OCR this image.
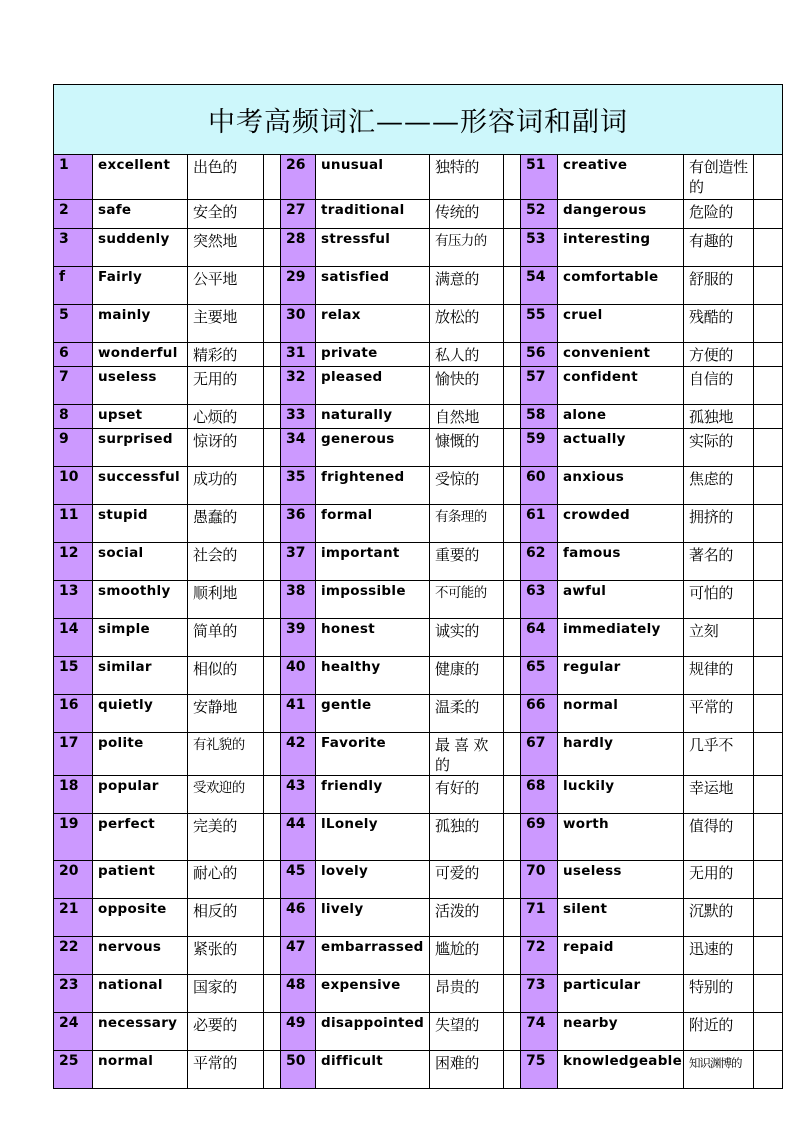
中考高频词汇———形容词和副词											
1	excellent	出色的		26	unusual	独特的		51	creative	有创造性的	
2	safe	安全的		27	traditional	传统的		52	dangerous	危险的	
3	suddenly	突然地		28	stressful	有压力的		53	interesting	有趣的	
f	Fairly	公平地		29	satisfied	满意的		54	comfortable	舒服的	
5	mainly	主要地		30	relax	放松的		55	cruel	残酷的	
6	wonderful	精彩的		31	private	私人的		56	convenient	方便的	
7	useless	无用的		32	pleased	愉快的		57	confident	自信的	
8	upset	心烦的		33	naturally	自然地		58	alone	孤独地	
9	surprised	惊讶的		34	generous	慷慨的		59	actually	实际的	
10	successful	成功的		35	frightened	受惊的		60	anxious	焦虑的	
11	stupid	愚蠢的		36	formal	有条理的		61	crowded	拥挤的	
12	social	社会的		37	important	重要的		62	famous	著名的	
13	smoothly	顺利地		38	impossible	不可能的		63	awful	可怕的	
14	simple	简单的		39	honest	诚实的		64	immediately	立刻	
15	similar	相似的		40	healthy	健康的		65	regular	规律的	
16	quietly	安静地		41	gentle	温柔的		66	normal	平常的	
17	polite	有礼貌的		42	Favorite	最 喜 欢 的		67	hardly	几乎不	
18	popular	受欢迎的		43	friendly	有好的		68	luckily	幸运地	
19	perfect	完美的		44	lLonely	孤独的		69	worth	值得的	
20	patient	耐心的		45	lovely	可爱的		70	useless	无用的	
21	opposite	相反的		46	lively	活泼的		71	silent	沉默的	
22	nervous	紧张的		47	embarrassed	尴尬的		72	repaid	迅速的	
23	national	国家的		48	expensive	昂贵的		73	particular	特别的	
24	necessary	必要的		49	disappointed	失望的		74	nearby	附近的	
25	normal	平常的		50	difficult	困难的		75	knowledgeable	知识渊博的	
